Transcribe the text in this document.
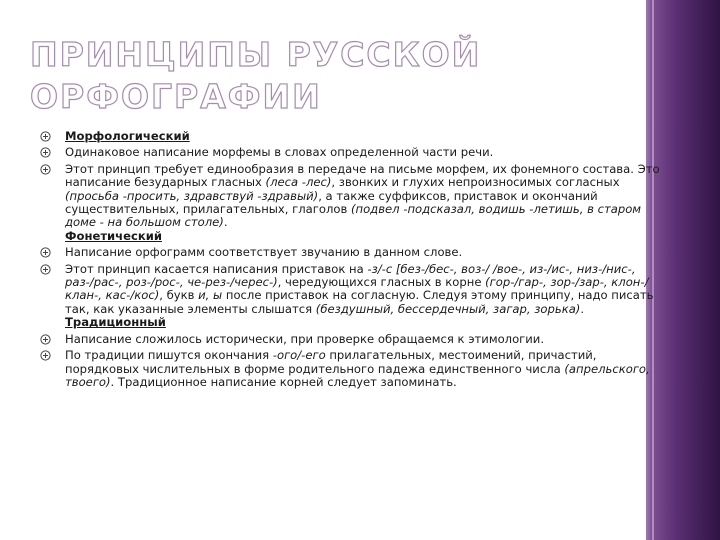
ПРИНЦИПЫ РУССКОЙ
ОРФОГРАФИИ
Морфологический

Одинаковое написание морфемы в словах определенной части речи.

Этот принцип требует единообразия в передаче на письме морфем, их фонемного состава. Это написание безударных гласных (леса -лес), звонких и глухих непроизносимых согласных (просьба -просить, здравствуй -здравый), а также суффиксов, приставок и окончаний существительных, прилагательных, глаголов (подвел -подсказал, водишь -летишь, в старом доме - на большом столе).

Фонетический

Написание орфограмм соответствует звучанию в данном слове.

Этот принцип касается написания приставок на -з/-с [без-/бес-, воз-/ /вое-, из-/ис-, низ-/нис-, раз-/рас-, роз-/рос-, че-рез-/черес-), чередующихся гласных в корне (гор-/гар-, зор-/зар-, клон-/клан-, кас-/кос), букв и, ы после приставок на согласную. Следуя этому принципу, надо писать так, как указанные элементы слышатся (бездушный, бессердечный, загар, зорька).

Традиционный

Написание сложилось исторически, при проверке обращаемся к этимологии.

По традиции пишутся окончания -ого/-его прилагательных, местоимений, причастий, порядковых числительных в форме родительного падежа единственного числа (апрельского, твоего). Традиционное написание корней следует запоминать.
